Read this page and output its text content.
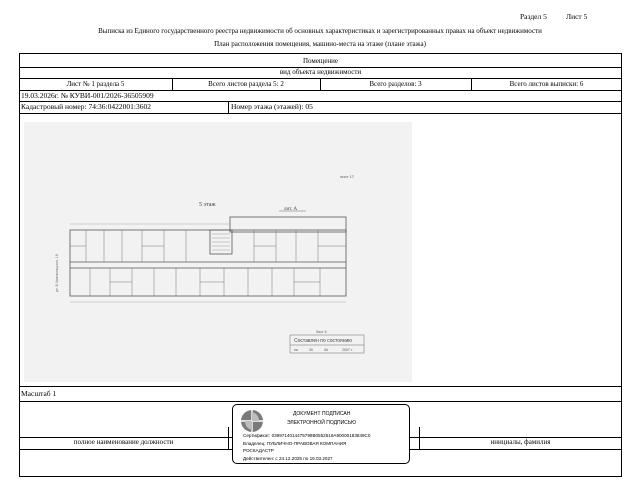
Раздел 5	Лист 5
Выписка из Единого государственного реестра недвижимости об основных характеристиках и зарегистрированных правах на объект недвижимости
План расположения помещения, машино-места на этаже (плане этажа)
Помещение
вид объекта недвижимости
Лист № 1 раздела 5	Всего листов раздела 5: 2	Всего разделов: 3	Всего листов выписки: 6
19.03.2026г. № КУВИ-001/2026-36505909
Кадастровый номер: 74:36:0422001:3602	Номер этажа (этажей): 05
лист 17
5 этаж
лит. А
ул. Б.Хмельницкого, 18
Лист 6
Составлен по состоянию
на	30	06	2007 г.
Масштаб 1
полное наименование должности	инициалы, фамилия
ДОКУМЕНТ ПОДПИСАН
ЭЛЕКТРОННОЙ ПОДПИСЬЮ
Сертификат: 0399714014475799B0552519A90000183849C0
Владелец: ПУБЛИЧНО-ПРАВОВАЯ КОМПАНИЯ
РОСКАДАСТР
Действителен: с 24.12.2025 по 19.03.2027
